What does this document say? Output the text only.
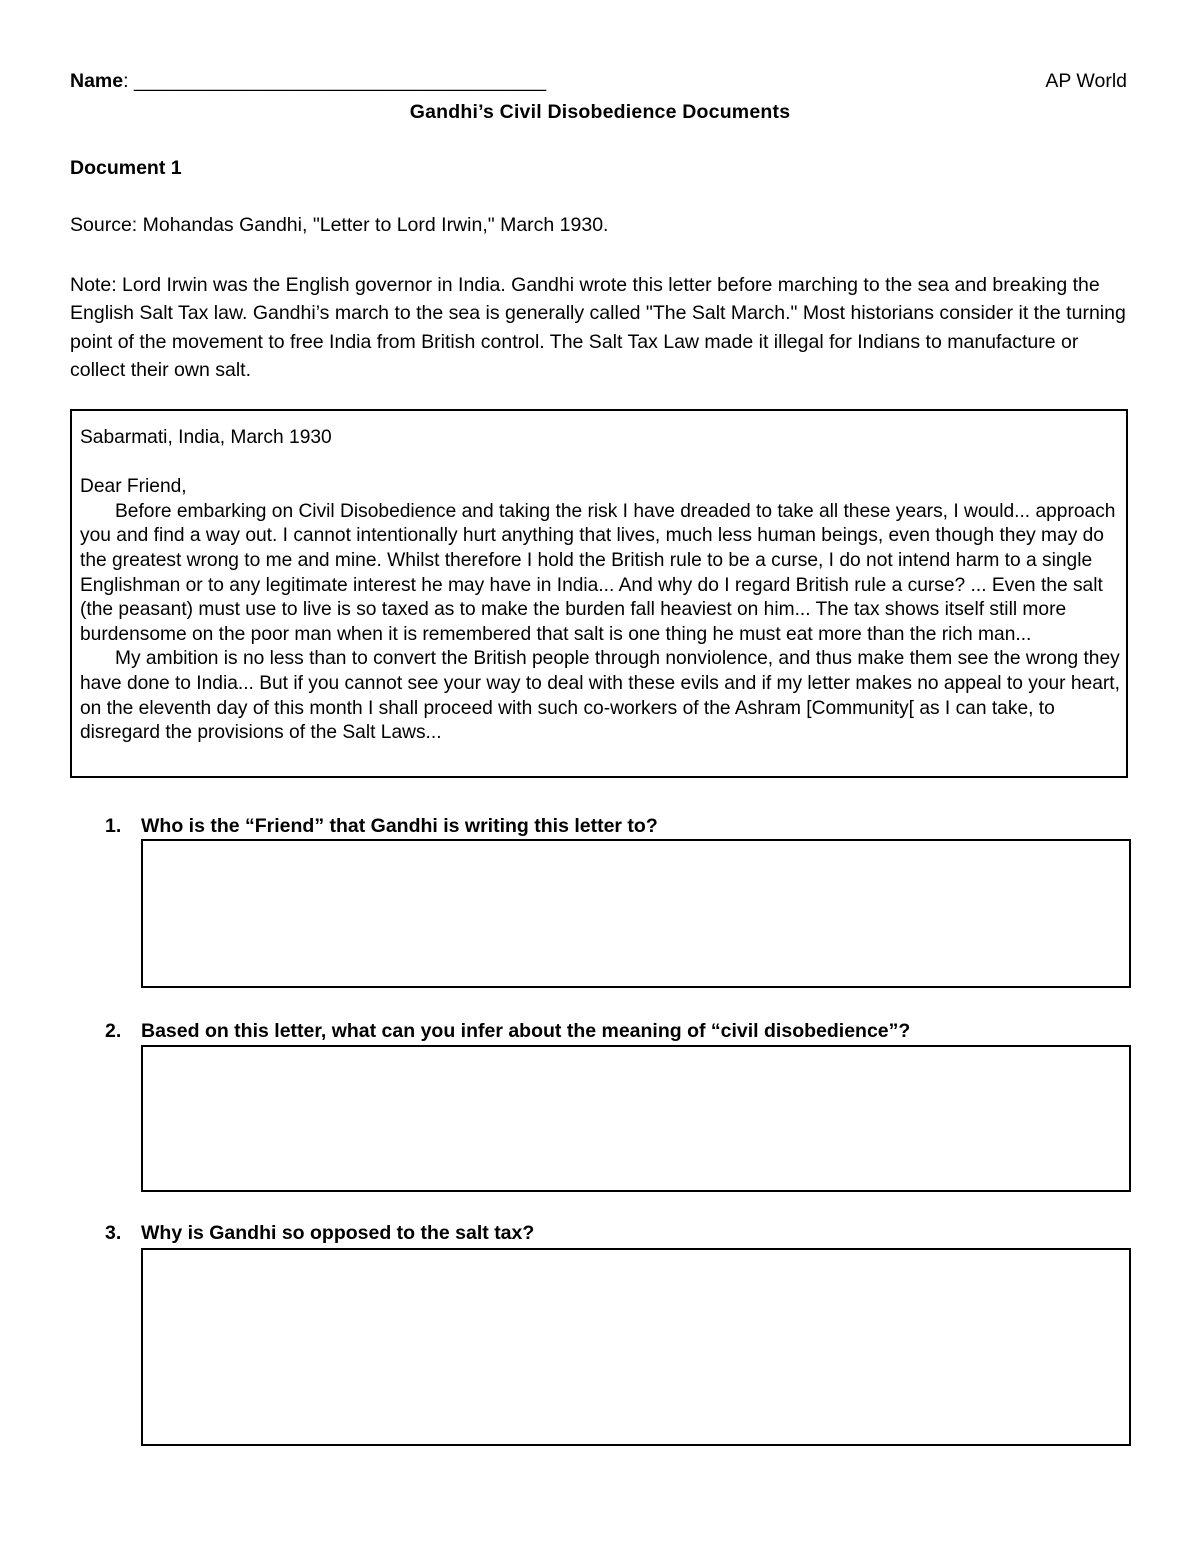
Name: ______________________________________	AP World
Gandhi’s Civil Disobedience Documents
Document 1
Source: Mohandas Gandhi, "Letter to Lord Irwin," March 1930.

Note: Lord Irwin was the English governor in India. Gandhi wrote this letter before marching to the sea and breaking the English Salt Tax law. Gandhi’s march to the sea is generally called "The Salt March." Most historians consider it the turning point of the movement to free India from British control. The Salt Tax Law made it illegal for Indians to manufacture or collect their own salt.

Sabarmati, India, March 1930

Dear Friend,

Before embarking on Civil Disobedience and taking the risk I have dreaded to take all these years, I would... approach you and find a way out. I cannot intentionally hurt anything that lives, much less human beings, even though they may do the greatest wrong to me and mine. Whilst therefore I hold the British rule to be a curse, I do not intend harm to a single Englishman or to any legitimate interest he may have in India... And why do I regard British rule a curse? ... Even the salt (the peasant) must use to live is so taxed as to make the burden fall heaviest on him... The tax shows itself still more burdensome on the poor man when it is remembered that salt is one thing he must eat more than the rich man...

My ambition is no less than to convert the British people through nonviolence, and thus make them see the wrong they have done to India... But if you cannot see your way to deal with these evils and if my letter makes no appeal to your heart, on the eleventh day of this month I shall proceed with such co-workers of the Ashram [Community[ as I can take, to disregard the provisions of the Salt Laws...

1. Who is the “Friend” that Gandhi is writing this letter to?
2. Based on this letter, what can you infer about the meaning of “civil disobedience”?
3. Why is Gandhi so opposed to the salt tax?
